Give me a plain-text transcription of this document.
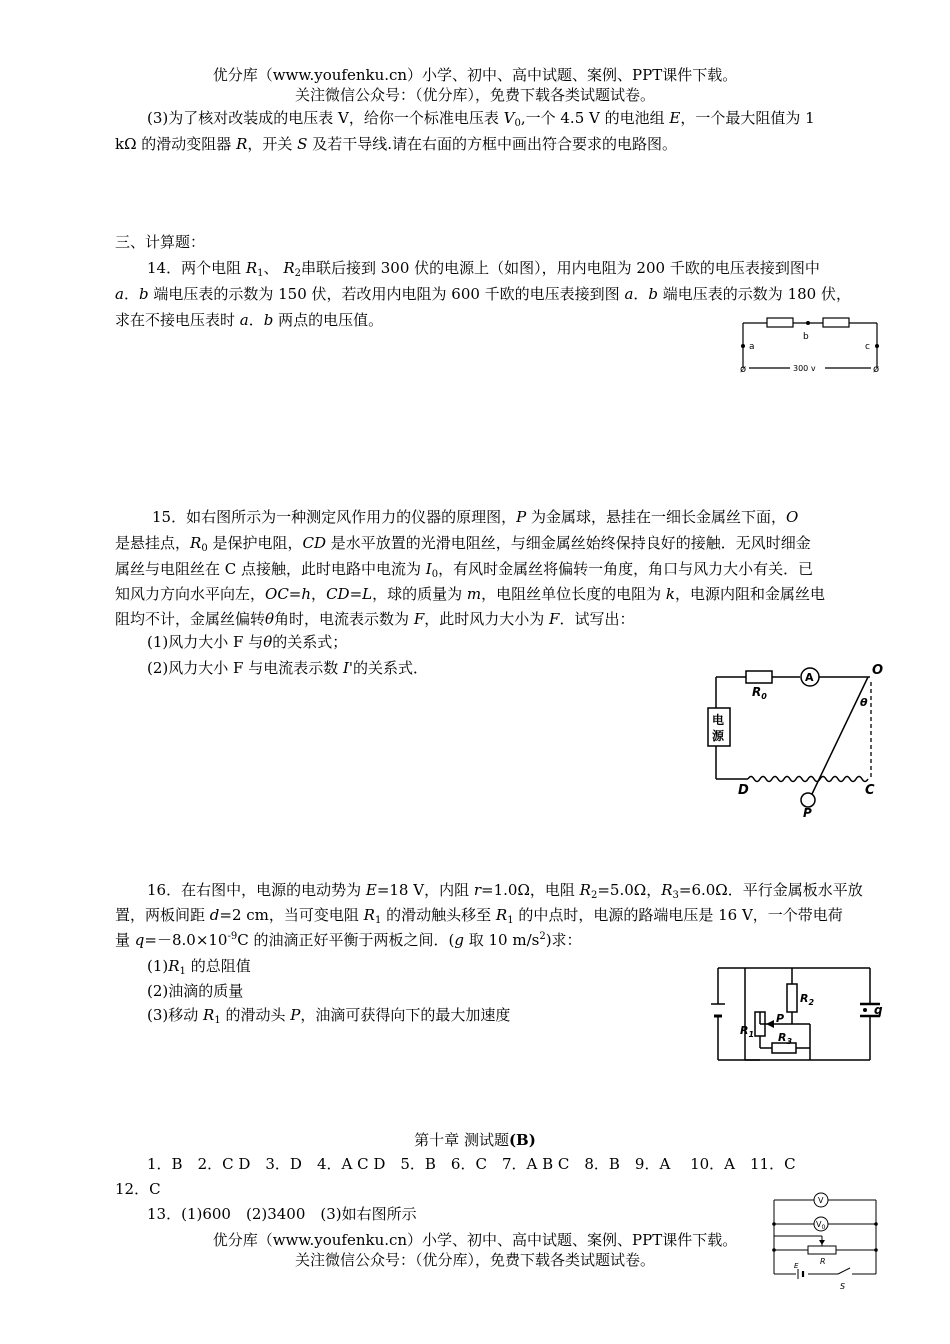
优分库（www.youfenku.cn）小学、初中、高中试题、案例、PPT课件下载。
关注微信公众号：（优分库），免费下载各类试题试卷。
(3)为了核对改装成的电压表 V，给你一个标准电压表 $V_0$,一个 4.5 V 的电池组 E，一个最大阻值为 1
kΩ 的滑动变阻器 R，开关 S 及若干导线.请在右面的方框中画出符合要求的电路图。
三、计算题：
14．两个电阻 $R_1$、 $R_2$串联后接到 300 伏的电源上（如图），用内电阻为 200 千欧的电压表接到图中
a．b 端电压表的示数为 150 伏，若改用内电阻为 600 千欧的电压表接到图 a．b 端电压表的示数为 180 伏，
求在不接电压表时 a．b 两点的电压值。
b
a	c
300 v
ø	ø
15．如右图所示为一种测定风作用力的仪器的原理图，P 为金属球，悬挂在一细长金属丝下面，O
是悬挂点，$R_0$ 是保护电阻，CD 是水平放置的光滑电阻丝，与细金属丝始终保持良好的接触．无风时细金
属丝与电阻丝在 C 点接触，此时电路中电流为 $I_0$，有风时金属丝将偏转一角度，角口与风力大小有关．已
知风力方向水平向左，OC=h，CD=L，球的质量为 m，电阻丝单位长度的电阻为 k，电源内阻和金属丝电
阻均不计，金属丝偏转θ角时，电流表示数为 F，此时风力大小为 F．试写出：
(1)风力大小 F 与θ的关系式；
(2)风力大小 F 与电流表示数 I'的关系式．
$R_0$
A	O
θ
电
源
D	C
P
16．在右图中，电源的电动势为 E=18 V，内阻 r=1.0Ω，电阻 $R_2=5.0\Omega$，$R_3=6.0\Omega$．平行金属板水平放
置，两板间距 d=2 cm，当可变电阻 $R_1$ 的滑动触头移至 $R_1$ 的中点时，电源的路端电压是 16 V，一个带电荷
量 $q=-8.0\times 10^{-9}C$ 的油滴正好平衡于两板之间．(g 取 10 $m/s^2$)求：
$(1)R_1$ 的总阻值
(2)油滴的质量
(3)移动 $R_1$ 的滑动头 P，油滴可获得向下的最大加速度
$R_2$
$R_1$ $R_3$
P
q
第十章 测试题(B)
1．B　2．C D　3．D　4．A C D　5．B　6．C　7．A B C　8．B　9．A　 10．A　11．C
12．C
13．(1)600　(2)3400　(3)如右图所示
V
$V_0$
R
E
S
优分库（www.youfenku.cn）小学、初中、高中试题、案例、PPT课件下载。
关注微信公众号：（优分库），免费下载各类试题试卷。
